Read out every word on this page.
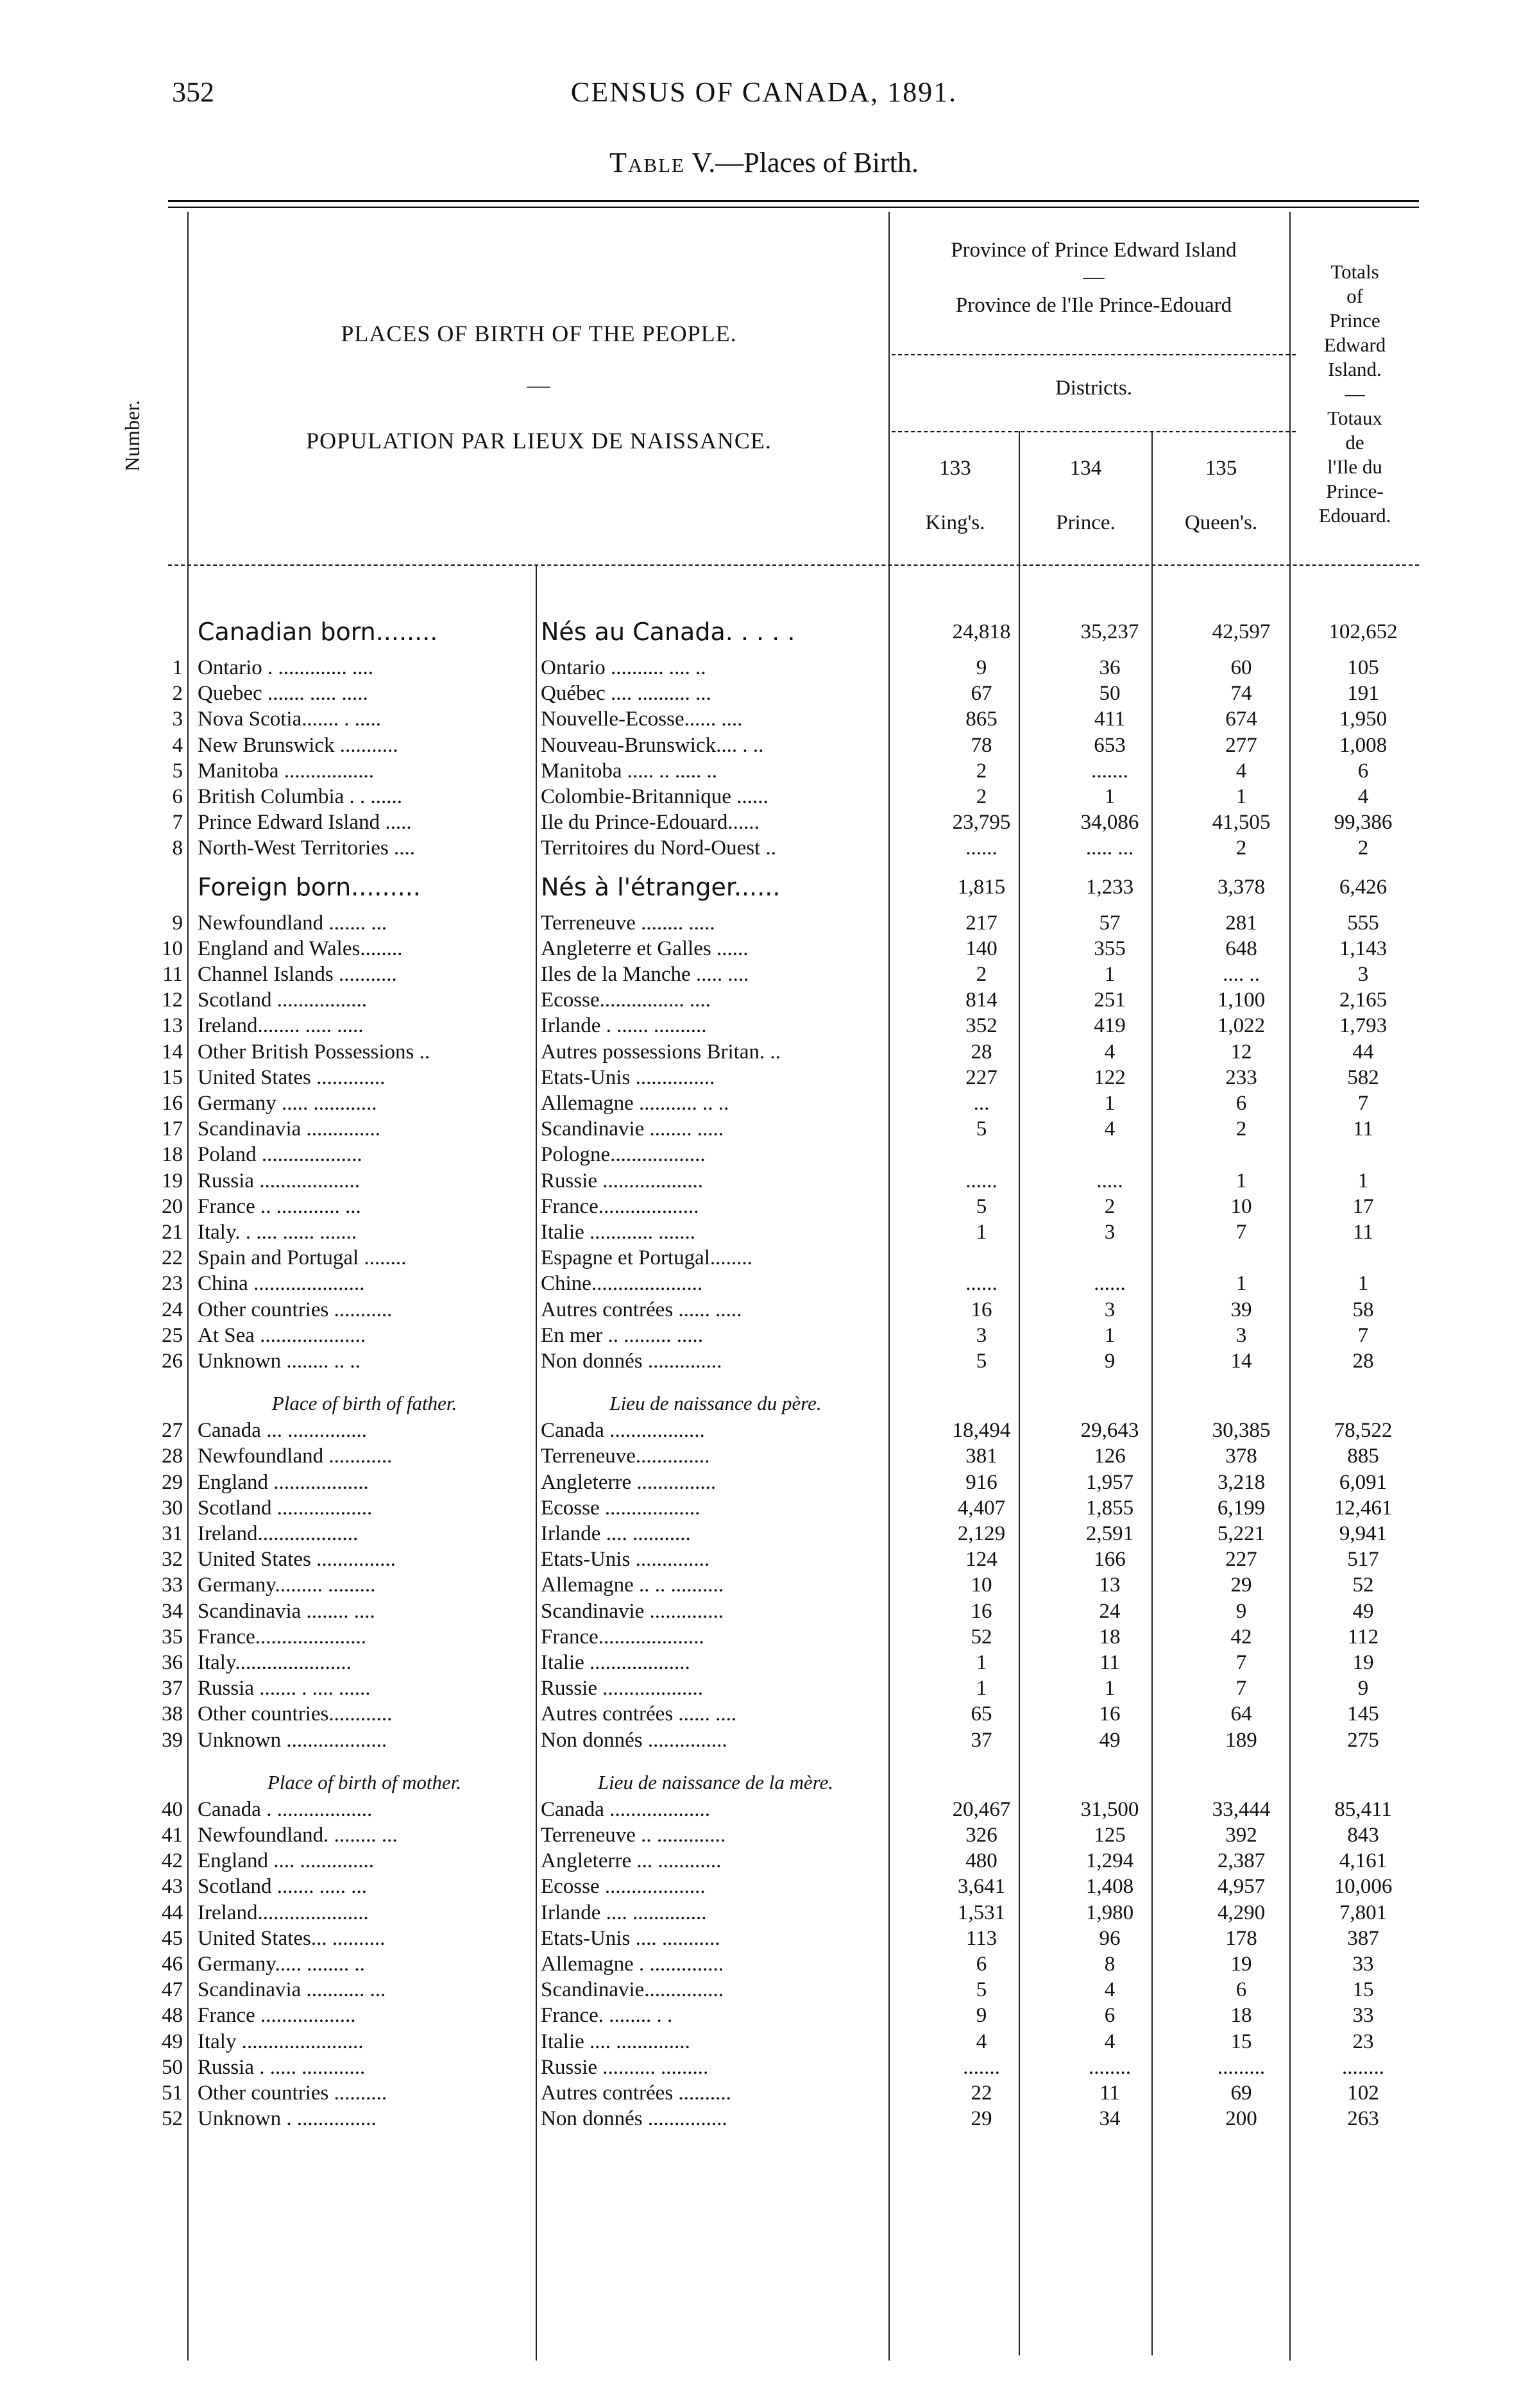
352	CENSUS OF CANADA, 1891.
Table V.—Places of Birth.
Number.
PLACES OF BIRTH OF THE PEOPLE.
—
POPULATION PAR LIEUX DE NAISSANCE.
Province of Prince Edward Island
—
Province de l'Ile Prince-Edouard
Districts.
133
King's.
134
Prince.
135
Queen's.
Totals
of
Prince
Edward
Island.
—
Totaux
de
l'Ile du
Prince-
Edouard.
Canadian born........	Nés au Canada. . . . .	24,818	35,237	42,597	102,652
1 Ontario . ............. ....	Ontario .......... .... ..	9	36	60	105
2 Quebec ....... ..... .....	Québec .... .......... ...	67	50	74	191
3 Nova Scotia....... . .....	Nouvelle-Ecosse...... ....	865	411	674	1,950
4 New Brunswick ...........	Nouveau-Brunswick.... . ..	78	653	277	1,008
5 Manitoba .................	Manitoba ..... .. ..... ..	2	.......	4	6
6 British Columbia . . ......	Colombie-Britannique ......	2	1	1	4
7 Prince Edward Island .....	Ile du Prince-Edouard......	23,795	34,086	41,505	99,386
8 North-West Territories ....	Territoires du Nord-Ouest ..	......	..... ...	2	2
Foreign born.........	Nés à l'étranger......	1,815	1,233	3,378	6,426
9 Newfoundland ....... ...	Terreneuve ........ .....	217	57	281	555
10 England and Wales........	Angleterre et Galles ......	140	355	648	1,143
11 Channel Islands ...........	Iles de la Manche ..... ....	2	1	.... ..	3
12 Scotland .................	Ecosse................ ....	814	251	1,100	2,165
13 Ireland........ ..... .....	Irlande . ...... ..........	352	419	1,022	1,793
14 Other British Possessions ..	Autres possessions Britan. ..	28	4	12	44
15 United States .............	Etats-Unis ...............	227	122	233	582
16 Germany ..... ............	Allemagne ........... .. ..	...	1	6	7
17 Scandinavia ..............	Scandinavie ........ .....	5	4	2	11
18 Poland ...................	Pologne..................
19 Russia ...................	Russie ...................	......	.....	1	1
20 France .. ............ ...	France...................	5	2	10	17
21 Italy. . .... ...... .......	Italie ............ .......	1	3	7	11
22 Spain and Portugal ........	Espagne et Portugal........
23 China .....................	Chine.....................	......	......	1	1
24 Other countries ...........	Autres contrées ...... .....	16	3	39	58
25 At Sea ....................	En mer .. ......... .....	3	1	3	7
26 Unknown ........ .. ..	Non donnés ..............	5	9	14	28
Place of birth of father.	Lieu de naissance du père.
27 Canada ... ...............	Canada ..................	18,494	29,643	30,385	78,522
28 Newfoundland ............	Terreneuve..............	381	126	378	885
29 England ..................	Angleterre ...............	916	1,957	3,218	6,091
30 Scotland ..................	Ecosse ..................	4,407	1,855	6,199	12,461
31 Ireland...................	Irlande .... ...........	2,129	2,591	5,221	9,941
32 United States ...............	Etats-Unis ..............	124	166	227	517
33 Germany......... .........	Allemagne .. .. ..........	10	13	29	52
34 Scandinavia ........ ....	Scandinavie ..............	16	24	9	49
35 France.....................	France....................	52	18	42	112
36 Italy......................	Italie ...................	1	11	7	19
37 Russia ....... . .... ......	Russie ...................	1	1	7	9
38 Other countries............	Autres contrées ...... ....	65	16	64	145
39 Unknown ...................	Non donnés ...............	37	49	189	275
Place of birth of mother.	Lieu de naissance de la mère.
40 Canada . ..................	Canada ...................	20,467	31,500	33,444	85,411
41 Newfoundland. ........ ...	Terreneuve .. .............	326	125	392	843
42 England .... ..............	Angleterre ... ............	480	1,294	2,387	4,161
43 Scotland ....... ..... ...	Ecosse ...................	3,641	1,408	4,957	10,006
44 Ireland.....................	Irlande .... ..............	1,531	1,980	4,290	7,801
45 United States... ..........	Etats-Unis .... ...........	113	96	178	387
46 Germany..... ........ ..	Allemagne . ..............	6	8	19	33
47 Scandinavia ........... ...	Scandinavie...............	5	4	6	15
48 France ..................	France. ........ . .	9	6	18	33
49 Italy .......................	Italie .... ..............	4	4	15	23
50 Russia . ..... ............	Russie .......... .........	.......	........	.........	........
51 Other countries ..........	Autres contrées ..........	22	11	69	102
52 Unknown . ...............	Non donnés ...............	29	34	200	263
